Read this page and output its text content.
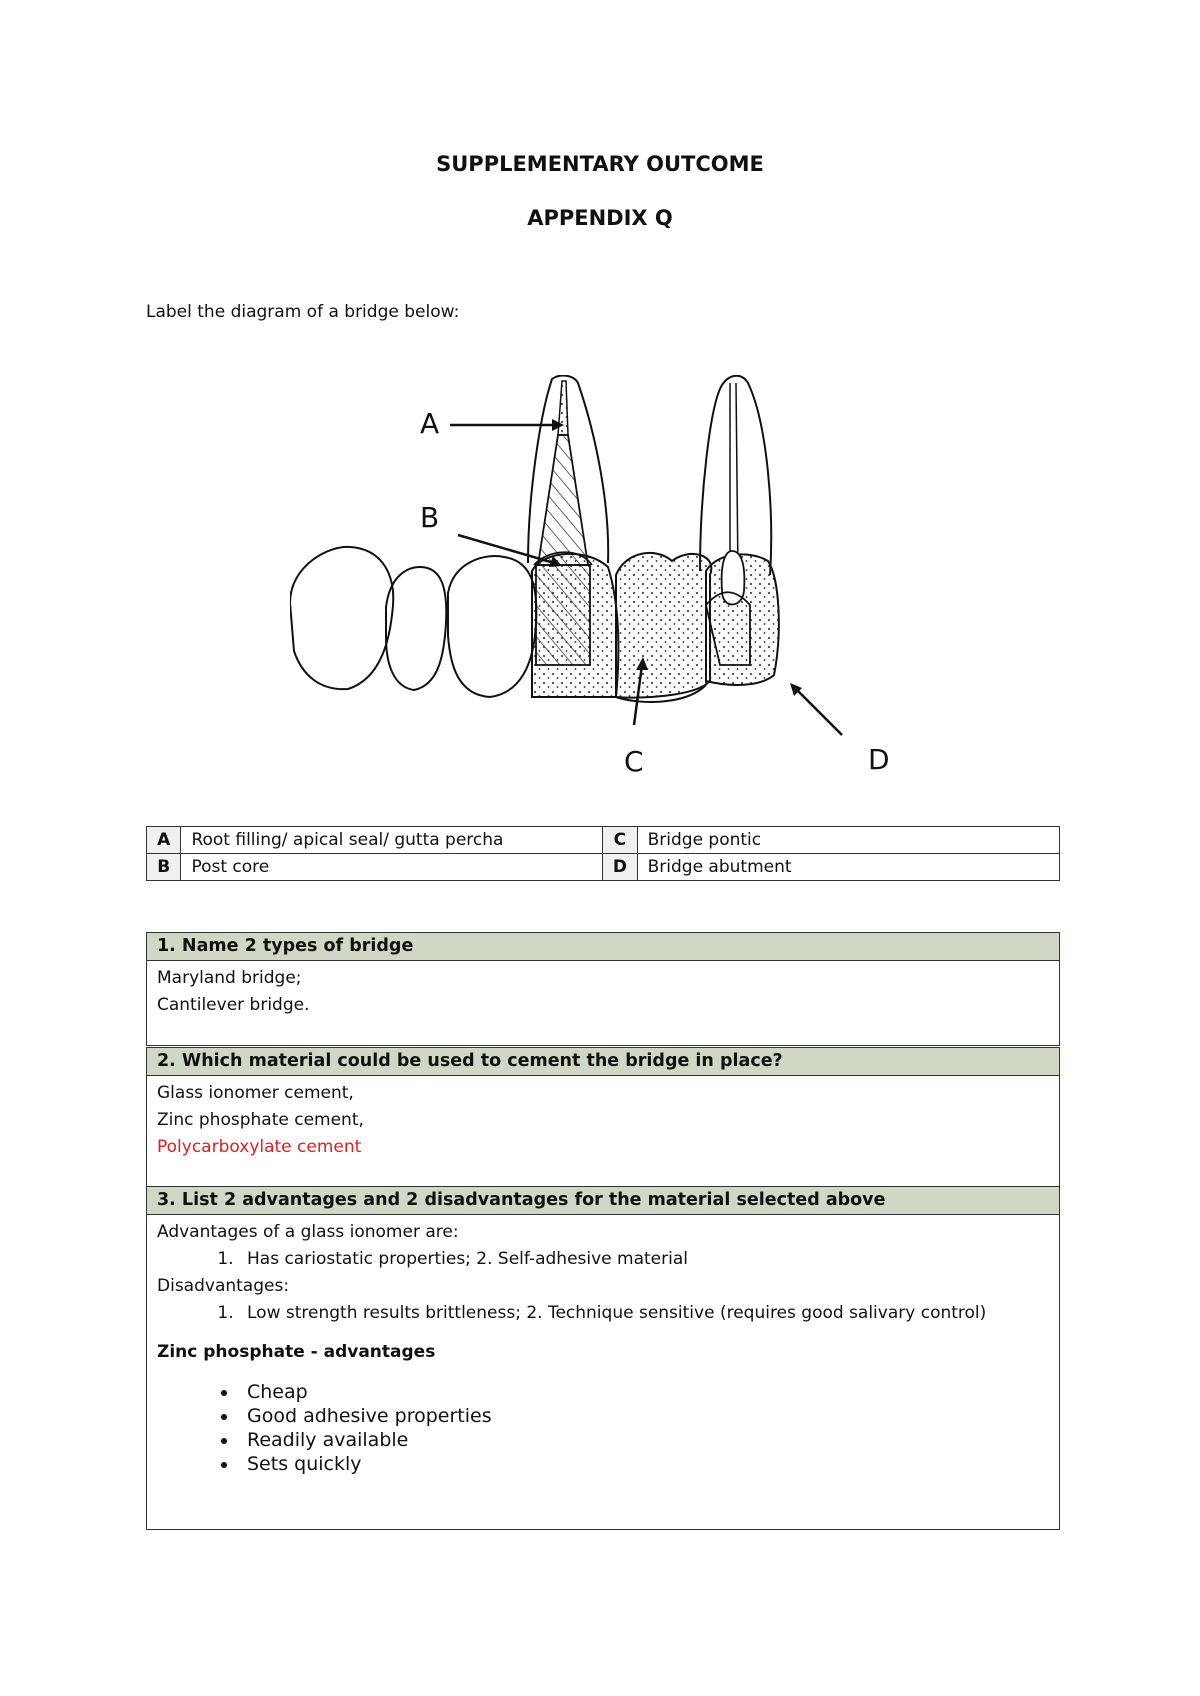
SUPPLEMENTARY OUTCOME
APPENDIX Q
Label the diagram of a bridge below:
A
B
C	D
A	Root filling/ apical seal/ gutta percha	C	Bridge pontic
B	Post core	D	Bridge abutment
1. Name 2 types of bridge
Maryland bridge;
Cantilever bridge.
2. Which material could be used to cement the bridge in place?
Glass ionomer cement,
Zinc phosphate cement,
Polycarboxylate cement
3. List 2 advantages and 2 disadvantages for the material selected above
Advantages of a glass ionomer are:
1. Has cariostatic properties; 2. Self-adhesive material
Disadvantages:
1. Low strength results brittleness; 2. Technique sensitive (requires good salivary control)
Zinc phosphate - advantages
• Cheap
• Good adhesive properties
• Readily available
• Sets quickly
